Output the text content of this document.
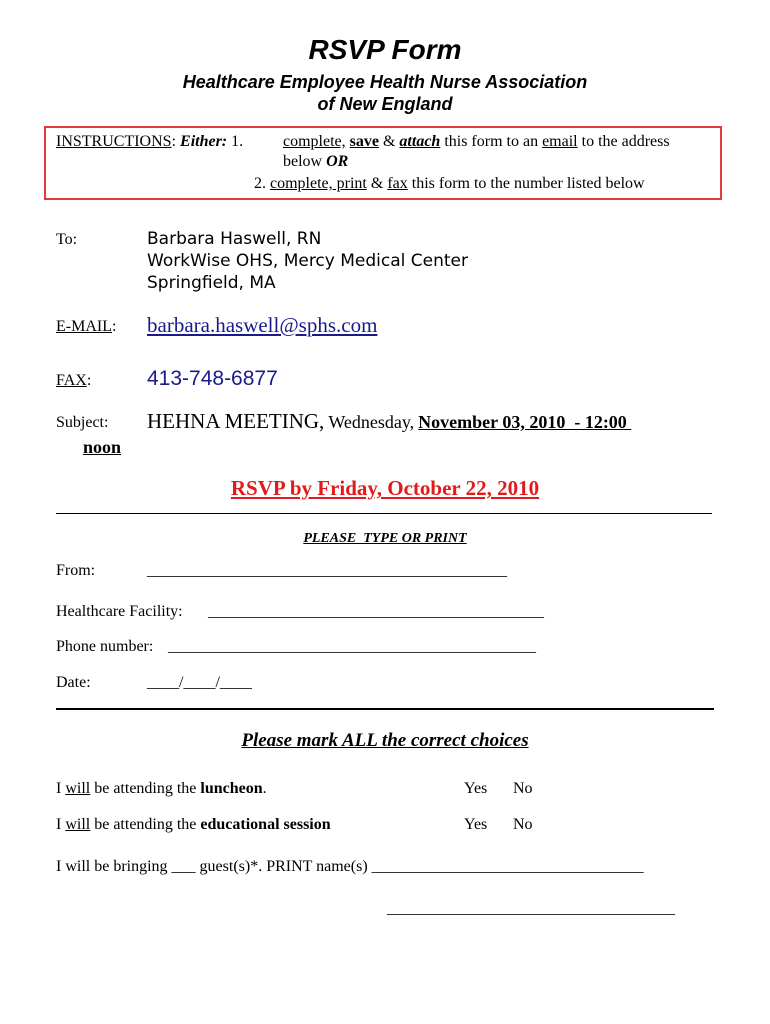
RSVP Form
Healthcare Employee Health Nurse Association
of New England
INSTRUCTIONS: Either: 1. complete, save & attach this form to an email to the address
below OR
2. complete, print & fax this form to the number listed below
To:	Barbara Haswell, RN
WorkWise OHS, Mercy Medical Center
Springfield, MA
E-MAIL: barbara.haswell@sphs.com
FAX:	413-748-6877
Subject: HEHNA MEETING, Wednesday, November 03, 2010  - 12:00
noon
RSVP by Friday, October 22, 2010
PLEASE  TYPE OR PRINT
From:	_____________________________________________
Healthcare Facility: __________________________________________
Phone number: ______________________________________________
Date:	____/____/____
Please mark ALL the correct choices
I will be attending the luncheon.	Yes No
I will be attending the educational session	Yes No
I will be bringing ___ guest(s)*. PRINT name(s) __________________________________
____________________________________
